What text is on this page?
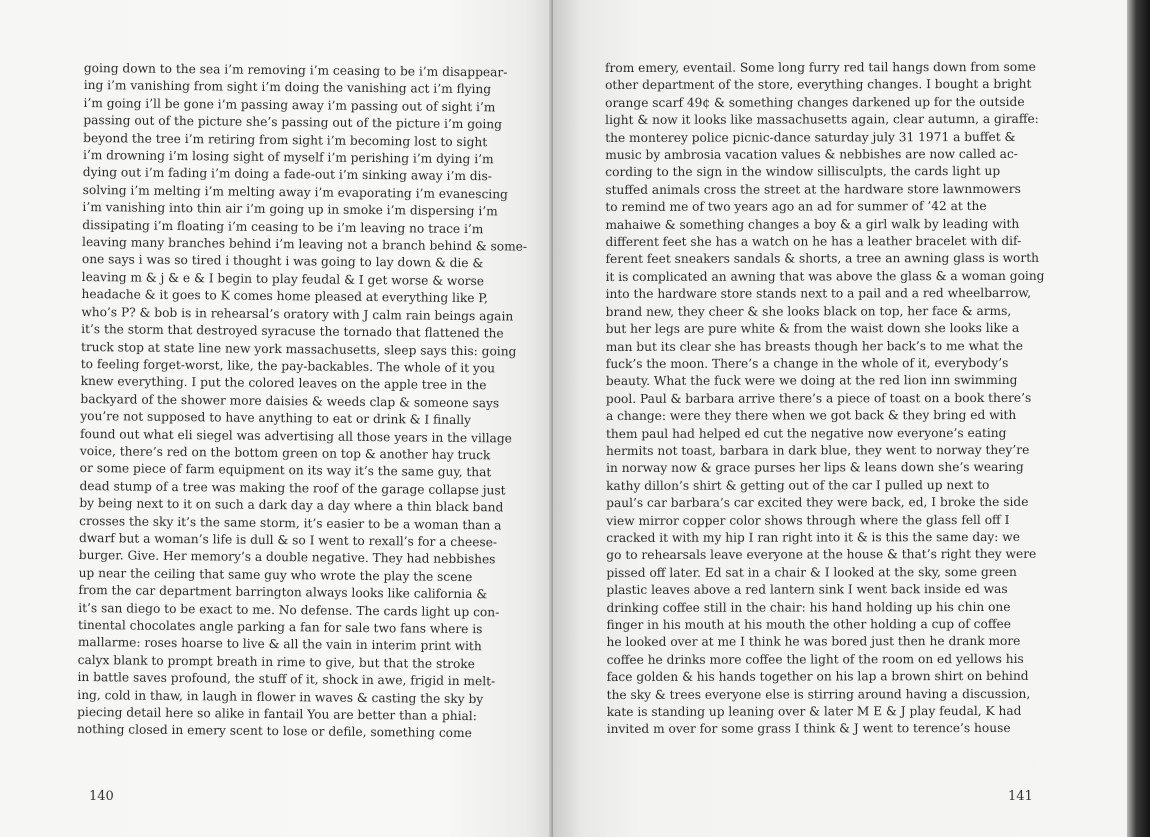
going down to the sea i’m removing i’m ceasing to be i’m disappear-
ing i’m vanishing from sight i’m doing the vanishing act i’m flying
i’m going i’ll be gone i’m passing away i’m passing out of sight i’m
passing out of the picture she’s passing out of the picture i’m going
beyond the tree i’m retiring from sight i’m becoming lost to sight
i’m drowning i’m losing sight of myself i’m perishing i’m dying i’m
dying out i’m fading i’m doing a fade-out i’m sinking away i’m dis-
solving i’m melting i’m melting away i’m evaporating i’m evanescing
i’m vanishing into thin air i’m going up in smoke i’m dispersing i’m
dissipating i’m floating i’m ceasing to be i’m leaving no trace i’m
leaving many branches behind i’m leaving not a branch behind & some-
one says i was so tired i thought i was going to lay down & die &
leaving m & j & e & I begin to play feudal & I get worse & worse
headache & it goes to K comes home pleased at everything like P,
who’s P? & bob is in rehearsal’s oratory with J calm rain beings again
it’s the storm that destroyed syracuse the tornado that flattened the
truck stop at state line new york massachusetts, sleep says this: going
to feeling forget-worst, like, the pay-backables. The whole of it you
knew everything. I put the colored leaves on the apple tree in the
backyard of the shower more daisies & weeds clap & someone says
you’re not supposed to have anything to eat or drink & I finally
found out what eli siegel was advertising all those years in the village
voice, there’s red on the bottom green on top & another hay truck
or some piece of farm equipment on its way it’s the same guy, that
dead stump of a tree was making the roof of the garage collapse just
by being next to it on such a dark day a day where a thin black band
crosses the sky it’s the same storm, it’s easier to be a woman than a
dwarf but a woman’s life is dull & so I went to rexall’s for a cheese-
burger. Give. Her memory’s a double negative. They had nebbishes
up near the ceiling that same guy who wrote the play the scene
from the car department barrington always looks like california &
it’s san diego to be exact to me. No defense. The cards light up con-
tinental chocolates angle parking a fan for sale two fans where is
mallarme: roses hoarse to live & all the vain in interim print with
calyx blank to prompt breath in rime to give, but that the stroke
in battle saves profound, the stuff of it, shock in awe, frigid in melt-
ing, cold in thaw, in laugh in flower in waves & casting the sky by
piecing detail here so alike in fantail You are better than a phial:
nothing closed in emery scent to lose or defile, something come
140
from emery, eventail. Some long furry red tail hangs down from some
other department of the store, everything changes. I bought a bright
orange scarf 49¢ & something changes darkened up for the outside
light & now it looks like massachusetts again, clear autumn, a giraffe:
the monterey police picnic-dance saturday july 31 1971 a buffet &
music by ambrosia vacation values & nebbishes are now called ac-
cording to the sign in the window sillisculpts, the cards light up
stuffed animals cross the street at the hardware store lawnmowers
to remind me of two years ago an ad for summer of ’42 at the
mahaiwe & something changes a boy & a girl walk by leading with
different feet she has a watch on he has a leather bracelet with dif-
ferent feet sneakers sandals & shorts, a tree an awning glass is worth
it is complicated an awning that was above the glass & a woman going
into the hardware store stands next to a pail and a red wheelbarrow,
brand new, they cheer & she looks black on top, her face & arms,
but her legs are pure white & from the waist down she looks like a
man but its clear she has breasts though her back’s to me what the
fuck’s the moon. There’s a change in the whole of it, everybody’s
beauty. What the fuck were we doing at the red lion inn swimming
pool. Paul & barbara arrive there’s a piece of toast on a book there’s
a change: were they there when we got back & they bring ed with
them paul had helped ed cut the negative now everyone’s eating
hermits not toast, barbara in dark blue, they went to norway they’re
in norway now & grace purses her lips & leans down she’s wearing
kathy dillon’s shirt & getting out of the car I pulled up next to
paul’s car barbara’s car excited they were back, ed, I broke the side
view mirror copper color shows through where the glass fell off I
cracked it with my hip I ran right into it & is this the same day: we
go to rehearsals leave everyone at the house & that’s right they were
pissed off later. Ed sat in a chair & I looked at the sky, some green
plastic leaves above a red lantern sink I went back inside ed was
drinking coffee still in the chair: his hand holding up his chin one
finger in his mouth at his mouth the other holding a cup of coffee
he looked over at me I think he was bored just then he drank more
coffee he drinks more coffee the light of the room on ed yellows his
face golden & his hands together on his lap a brown shirt on behind
the sky & trees everyone else is stirring around having a discussion,
kate is standing up leaning over & later M E & J play feudal, K had
invited m over for some grass I think & J went to terence’s house
141
